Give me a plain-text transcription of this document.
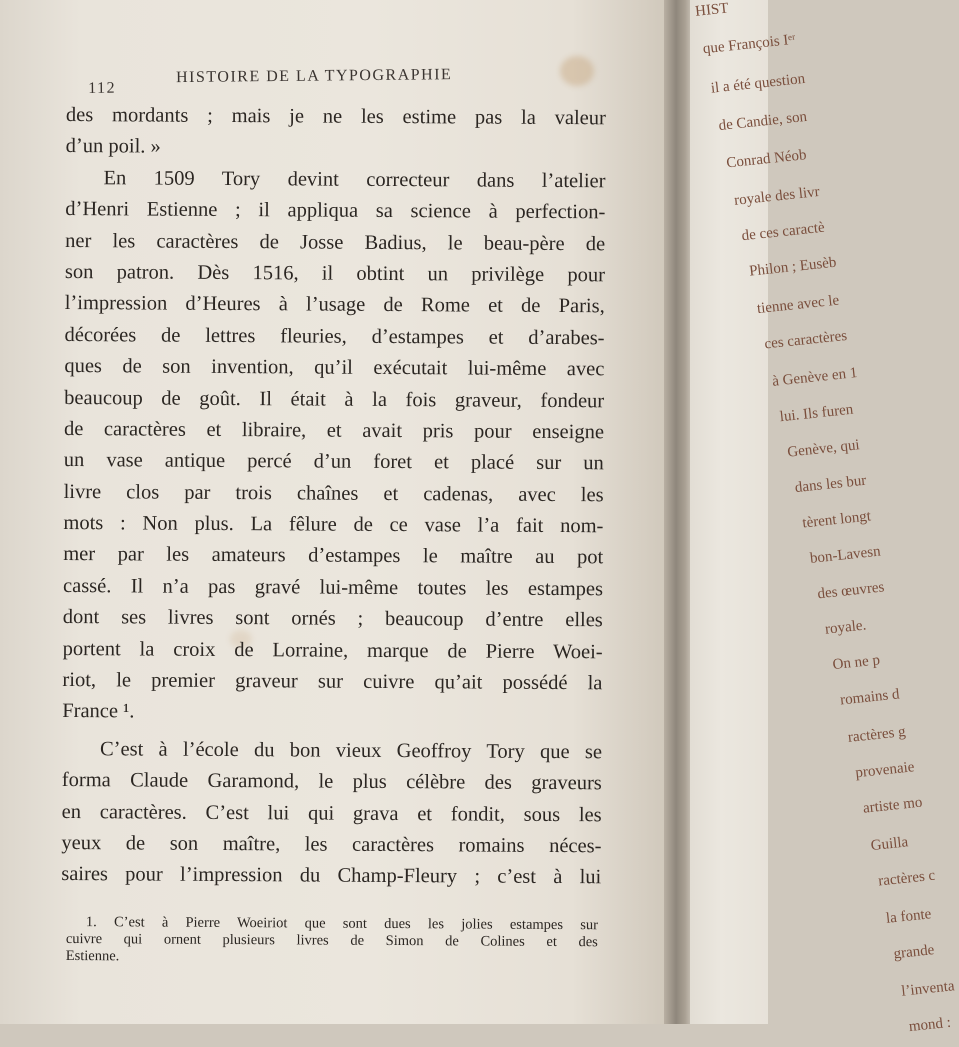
112
HISTOIRE DE LA TYPOGRAPHIE
des mordants ; mais je ne les estime pas la valeur
d’un poil. »
En 1509 Tory devint correcteur dans l’atelier
d’Henri Estienne ; il appliqua sa science à perfection-
ner les caractères de Josse Badius, le beau-père de
son patron. Dès 1516, il obtint un privilège pour
l’impression d’Heures à l’usage de Rome et de Paris,
décorées de lettres fleuries, d’estampes et d’arabes-
ques de son invention, qu’il exécutait lui-même avec
beaucoup de goût. Il était à la fois graveur, fondeur
de caractères et libraire, et avait pris pour enseigne
un vase antique percé d’un foret et placé sur un
livre clos par trois chaînes et cadenas, avec les
mots : Non plus. La fêlure de ce vase l’a fait nom-
mer par les amateurs d’estampes le maître au pot
cassé. Il n’a pas gravé lui-même toutes les estampes
dont ses livres sont ornés ; beaucoup d’entre elles
portent la croix de Lorraine, marque de Pierre Woei-
riot, le premier graveur sur cuivre qu’ait possédé la
France ¹.
C’est à l’école du bon vieux Geoffroy Tory que se
forma Claude Garamond, le plus célèbre des graveurs
en caractères. C’est lui qui grava et fondit, sous les
yeux de son maître, les caractères romains néces-
saires pour l’impression du Champ-Fleury ; c’est à lui
1. C’est à Pierre Woeiriot que sont dues les jolies estampes sur
cuivre qui ornent plusieurs livres de Simon de Colines et des
Estienne.
HIST
que François Iᵉʳ
il a été question
de Candie, son
Conrad Néob
royale des livr
de ces caractè
Philon ; Eusèb
tienne avec le
ces caractères
à Genève en 1
lui. Ils furen
Genève, qui
dans les bur
tèrent longt
bon-Lavesn
des œuvres
royale.
On ne p
romains d
ractères g
provenaie
artiste mo
Guilla
ractères c
la fonte
grande
l’inventa
mond :
